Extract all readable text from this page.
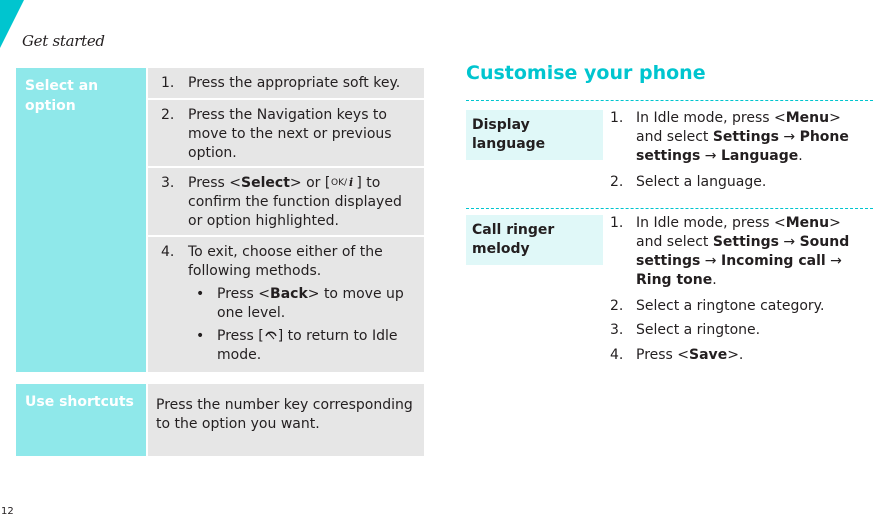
Get started
12
Select an option
1. Press the appropriate soft key.
2. Press the Navigation keys to move to the next or previous option.
3. Press <Select> or [ OK/ i ] to confirm the function displayed or option highlighted.
4. To exit, choose either of the following methods.
• Press <Back> to move up one level.
• Press [ ] to return to Idle mode.
Use shortcuts	Press the number key corresponding to the option you want.
Customise your phone
Display language
1. In Idle mode, press <Menu> and select Settings → Phone settings → Language.
2. Select a language.
Call ringer melody
1. In Idle mode, press <Menu> and select Settings → Sound settings → Incoming call → Ring tone.
2. Select a ringtone category.
3. Select a ringtone.
4. Press <Save>.
